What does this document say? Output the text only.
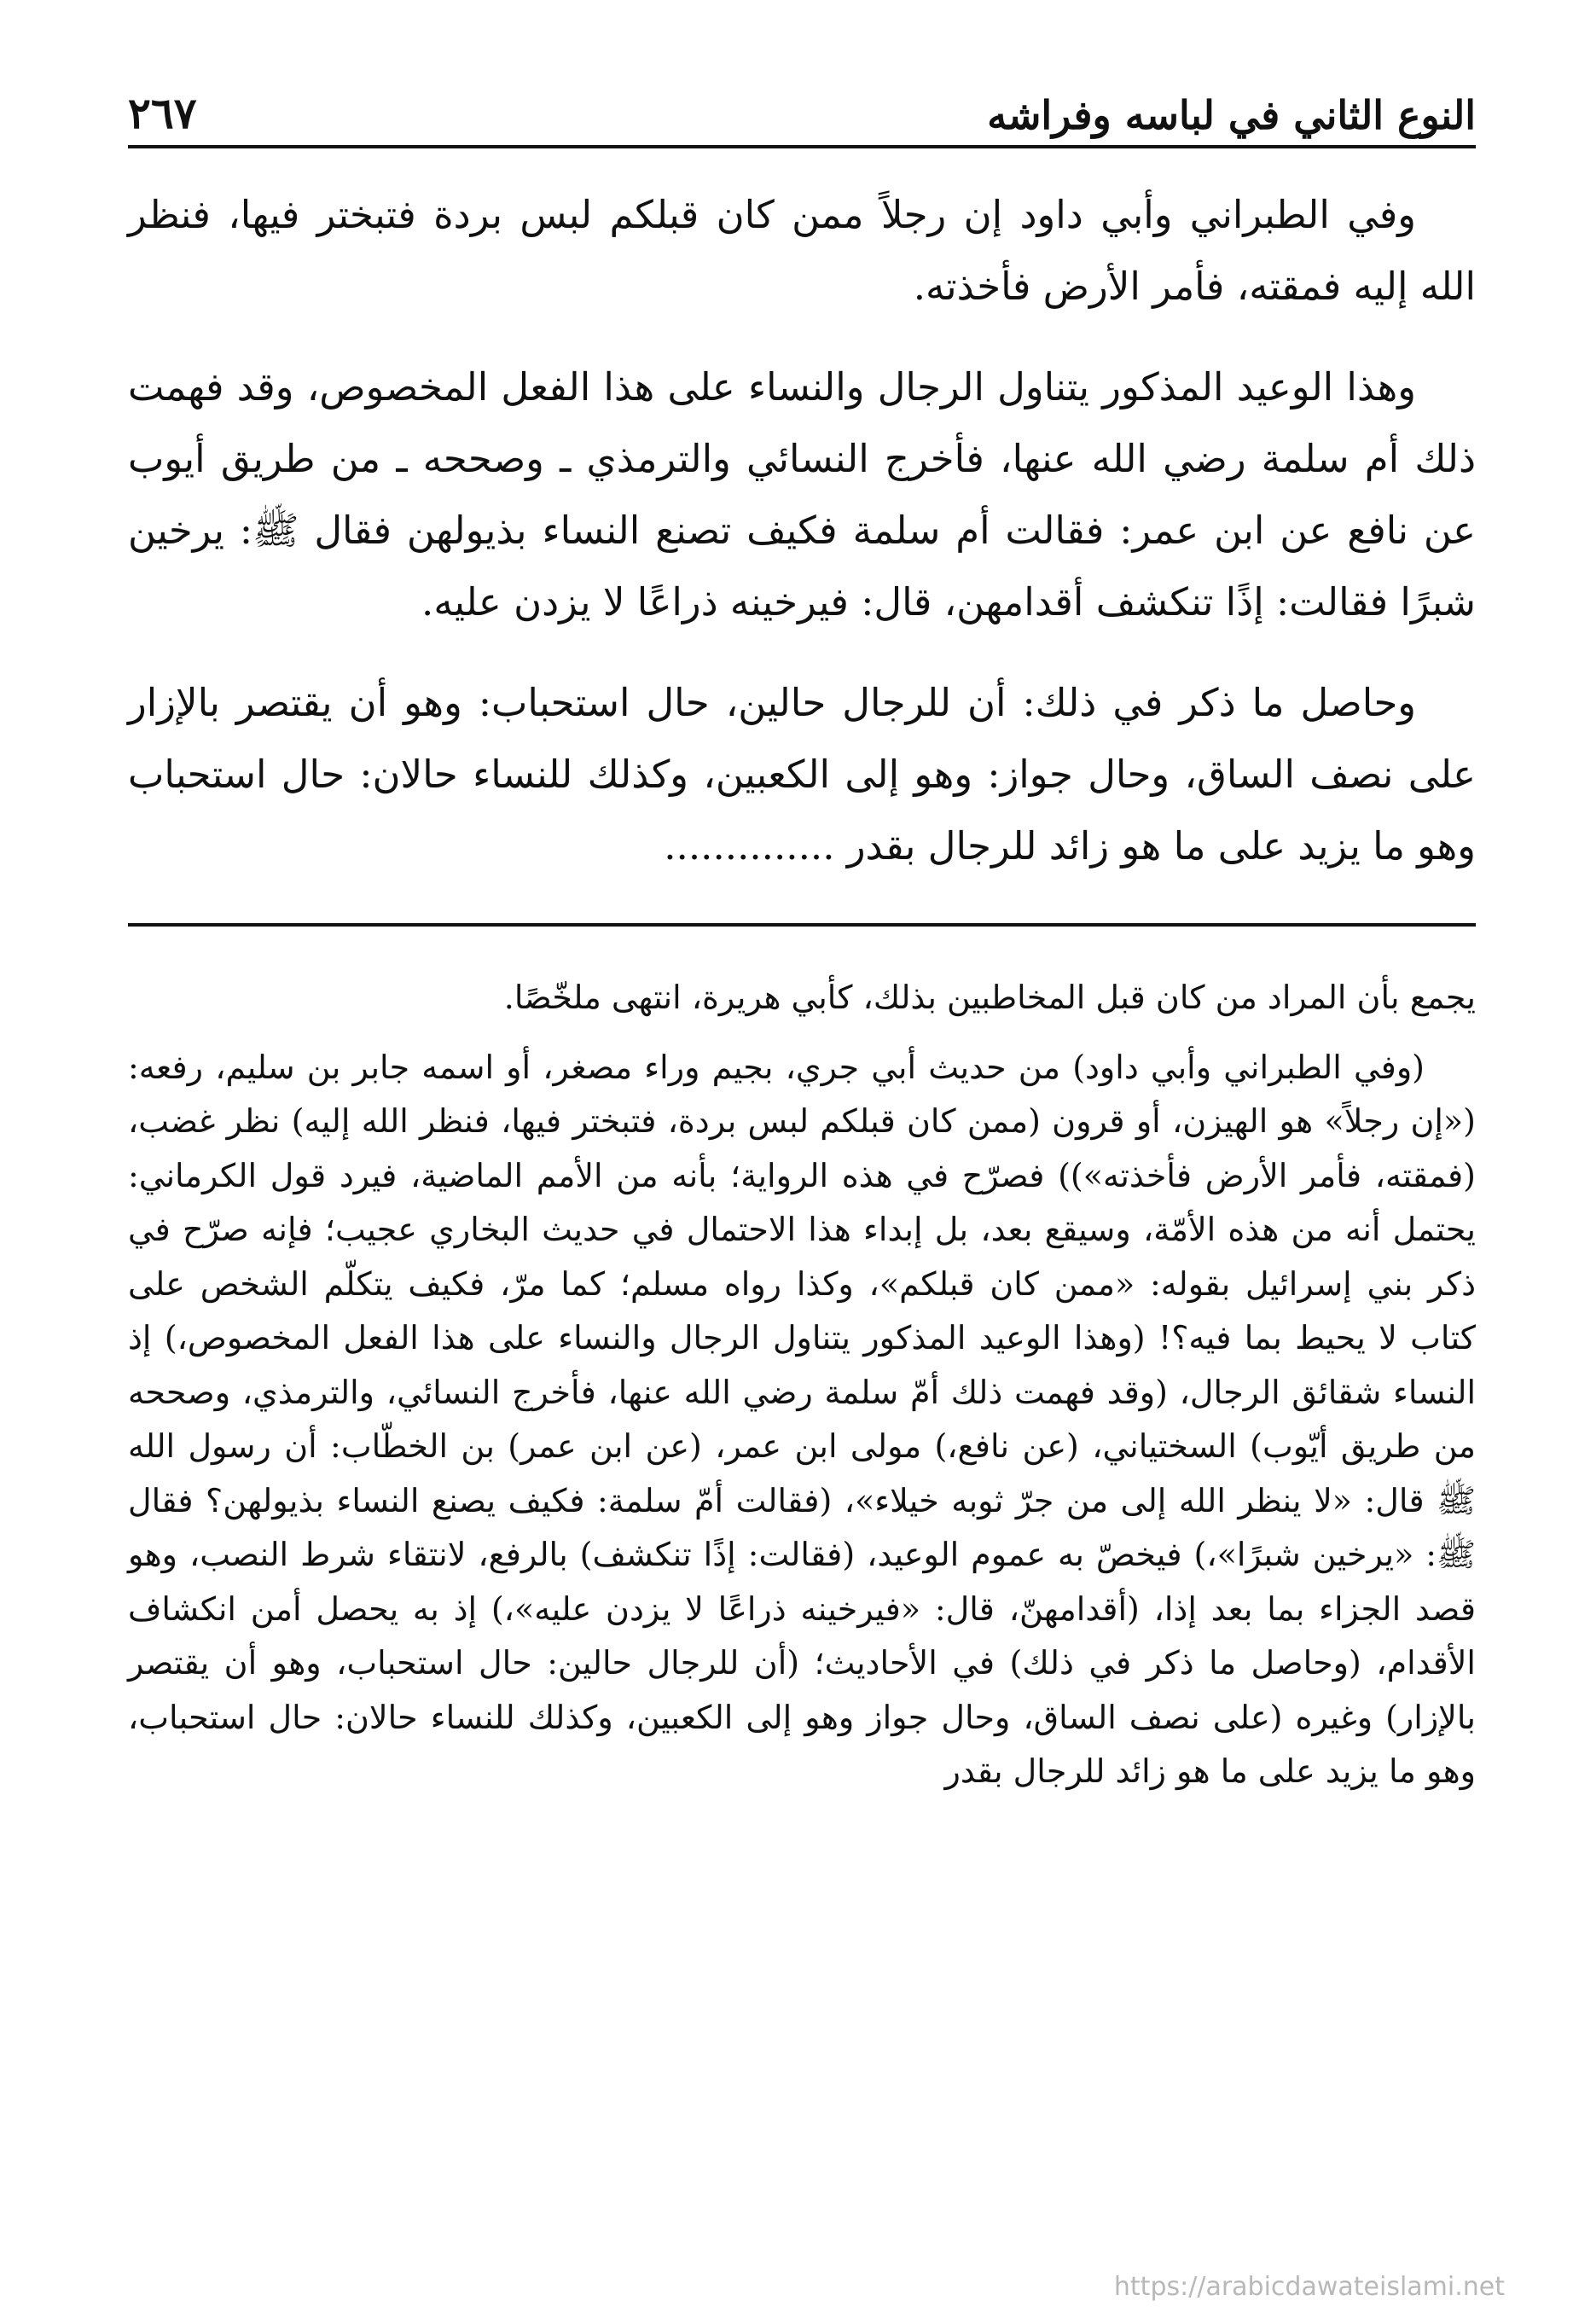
النوع الثاني في لباسه وفراشه
٢٦٧

وفي الطبراني وأبي داود إن رجلاً ممن كان قبلكم لبس بردة فتبختر فيها، فنظر الله إليه فمقته، فأمر الأرض فأخذته.

وهذا الوعيد المذكور يتناول الرجال والنساء على هذا الفعل المخصوص، وقد فهمت ذلك أم سلمة رضي الله عنها، فأخرج النسائي والترمذي ـ وصححه ـ من طريق أيوب عن نافع عن ابن عمر: فقالت أم سلمة فكيف تصنع النساء بذيولهن فقال ﷺ: يرخين شبرًا فقالت: إذًا تنكشف أقدامهن، قال: فيرخينه ذراعًا لا يزدن عليه.

وحاصل ما ذكر في ذلك: أن للرجال حالين، حال استحباب: وهو أن يقتصر بالإزار على نصف الساق، وحال جواز: وهو إلى الكعبين، وكذلك للنساء حالان: حال استحباب وهو ما يزيد على ما هو زائد للرجال بقدر ..............

يجمع بأن المراد من كان قبل المخاطبين بذلك، كأبي هريرة، انتهى ملخّصًا.

(وفي الطبراني وأبي داود) من حديث أبي جري، بجيم وراء مصغر، أو اسمه جابر بن سليم، رفعه: («إن رجلاً» هو الهيزن، أو قرون (ممن كان قبلكم لبس بردة، فتبختر فيها، فنظر الله إليه) نظر غضب، (فمقته، فأمر الأرض فأخذته»)) فصرّح في هذه الرواية؛ بأنه من الأمم الماضية، فيرد قول الكرماني: يحتمل أنه من هذه الأمّة، وسيقع بعد، بل إبداء هذا الاحتمال في حديث البخاري عجيب؛ فإنه صرّح في ذكر بني إسرائيل بقوله: «ممن كان قبلكم»، وكذا رواه مسلم؛ كما مرّ، فكيف يتكلّم الشخص على كتاب لا يحيط بما فيه؟! (وهذا الوعيد المذكور يتناول الرجال والنساء على هذا الفعل المخصوص،) إذ النساء شقائق الرجال، (وقد فهمت ذلك أمّ سلمة رضي الله عنها، فأخرج النسائي، والترمذي، وصححه من طريق أيّوب) السختياني، (عن نافع،) مولى ابن عمر، (عن ابن عمر) بن الخطّاب: أن رسول الله ﷺ قال: «لا ينظر الله إلى من جرّ ثوبه خيلاء»، (فقالت أمّ سلمة: فكيف يصنع النساء بذيولهن؟ فقال ﷺ: «يرخين شبرًا»،) فيخصّ به عموم الوعيد، (فقالت: إذًا تنكشف) بالرفع، لانتقاء شرط النصب، وهو قصد الجزاء بما بعد إذا، (أقدامهنّ، قال: «فيرخينه ذراعًا لا يزدن عليه»،) إذ به يحصل أمن انكشاف الأقدام، (وحاصل ما ذكر في ذلك) في الأحاديث؛ (أن للرجال حالين: حال استحباب، وهو أن يقتصر بالإزار) وغيره (على نصف الساق، وحال جواز وهو إلى الكعبين، وكذلك للنساء حالان: حال استحباب، وهو ما يزيد على ما هو زائد للرجال بقدر

https://arabicdawateislami.net
